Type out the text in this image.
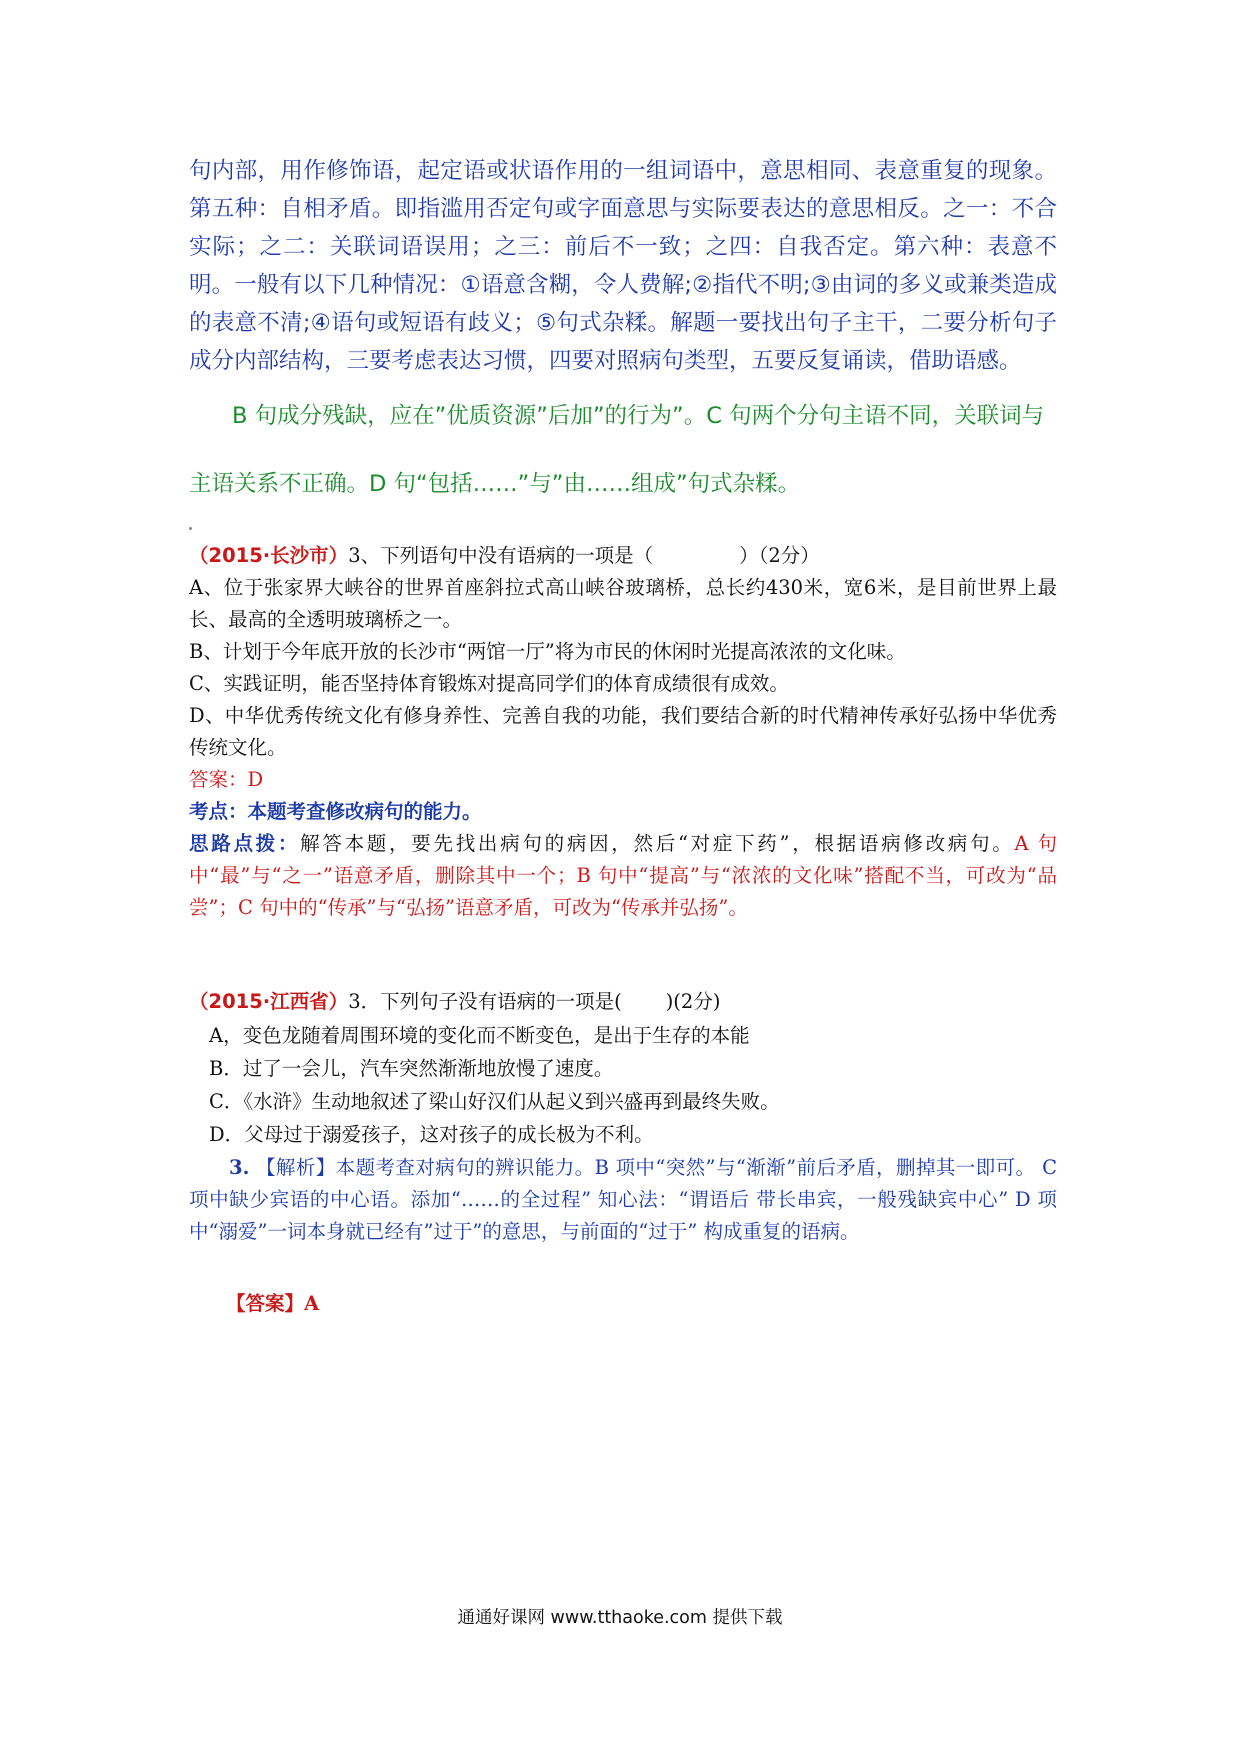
句内部，用作修饰语，起定语或状语作用的一组词语中，意思相同、表意重复的现象。第五种：自相矛盾。即指滥用否定句或字面意思与实际要表达的意思相反。之一：不合实际；之二：关联词语误用；之三：前后不一致；之四：自我否定。第六种：表意不明。一般有以下几种情况：①语意含糊，令人费解;②指代不明;③由词的多义或兼类造成的表意不清;④语句或短语有歧义；⑤句式杂糅。解题一要找出句子主干，二要分析句子成分内部结构，三要考虑表达习惯，四要对照病句类型，五要反复诵读，借助语感。

B 句成分残缺，应在”优质资源”后加”的行为”。C 句两个分句主语不同，关联词与
主语关系不正确。D 句“包括……”与”由……组成”句式杂糅。
（2015·长沙市）3、下列语句中没有语病的一项是（	）（2分）
A、位于张家界大峡谷的世界首座斜拉式高山峡谷玻璃桥，总长约430米，宽6米，是目前世界上最长、最高的全透明玻璃桥之一。
B、计划于今年底开放的长沙市“两馆一厅”将为市民的休闲时光提高浓浓的文化味。
C、实践证明，能否坚持体育锻炼对提高同学们的体育成绩很有成效。
D、中华优秀传统文化有修身养性、完善自我的功能，我们要结合新的时代精神传承好弘扬中华优秀传统文化。
答案：D
考点：本题考查修改病句的能力。
思路点拨：解答本题，要先找出病句的病因，然后“对症下药”，根据语病修改病句。A 句中“最”与“之一”语意矛盾，删除其中一个；B 句中“提高”与“浓浓的文化味”搭配不当，可改为“品尝”；C 句中的“传承”与“弘扬”语意矛盾，可改为“传承并弘扬”。
（2015·江西省）3．下列句子没有语病的一项是( )(2分)
A，变色龙随着周围环境的变化而不断变色，是出于生存的本能
B．过了一会儿，汽车突然渐渐地放慢了速度。
C．《水浒》生动地叙述了梁山好汉们从起义到兴盛再到最终失败。
D．父母过于溺爱孩子，这对孩子的成长极为不利。
3. 【解析】本题考查对病句的辨识能力。B 项中“突然”与“渐渐”前后矛盾，删掉其一即可。 C 项中缺少宾语的中心语。添加“……的全过程” 知心法：“谓语后 带长串宾，一般残缺宾中心” D 项中“溺爱”一词本身就已经有”过于”的意思，与前面的“过于” 构成重复的语病。
【答案】A
通通好课网 www.tthaoke.com 提供下载
